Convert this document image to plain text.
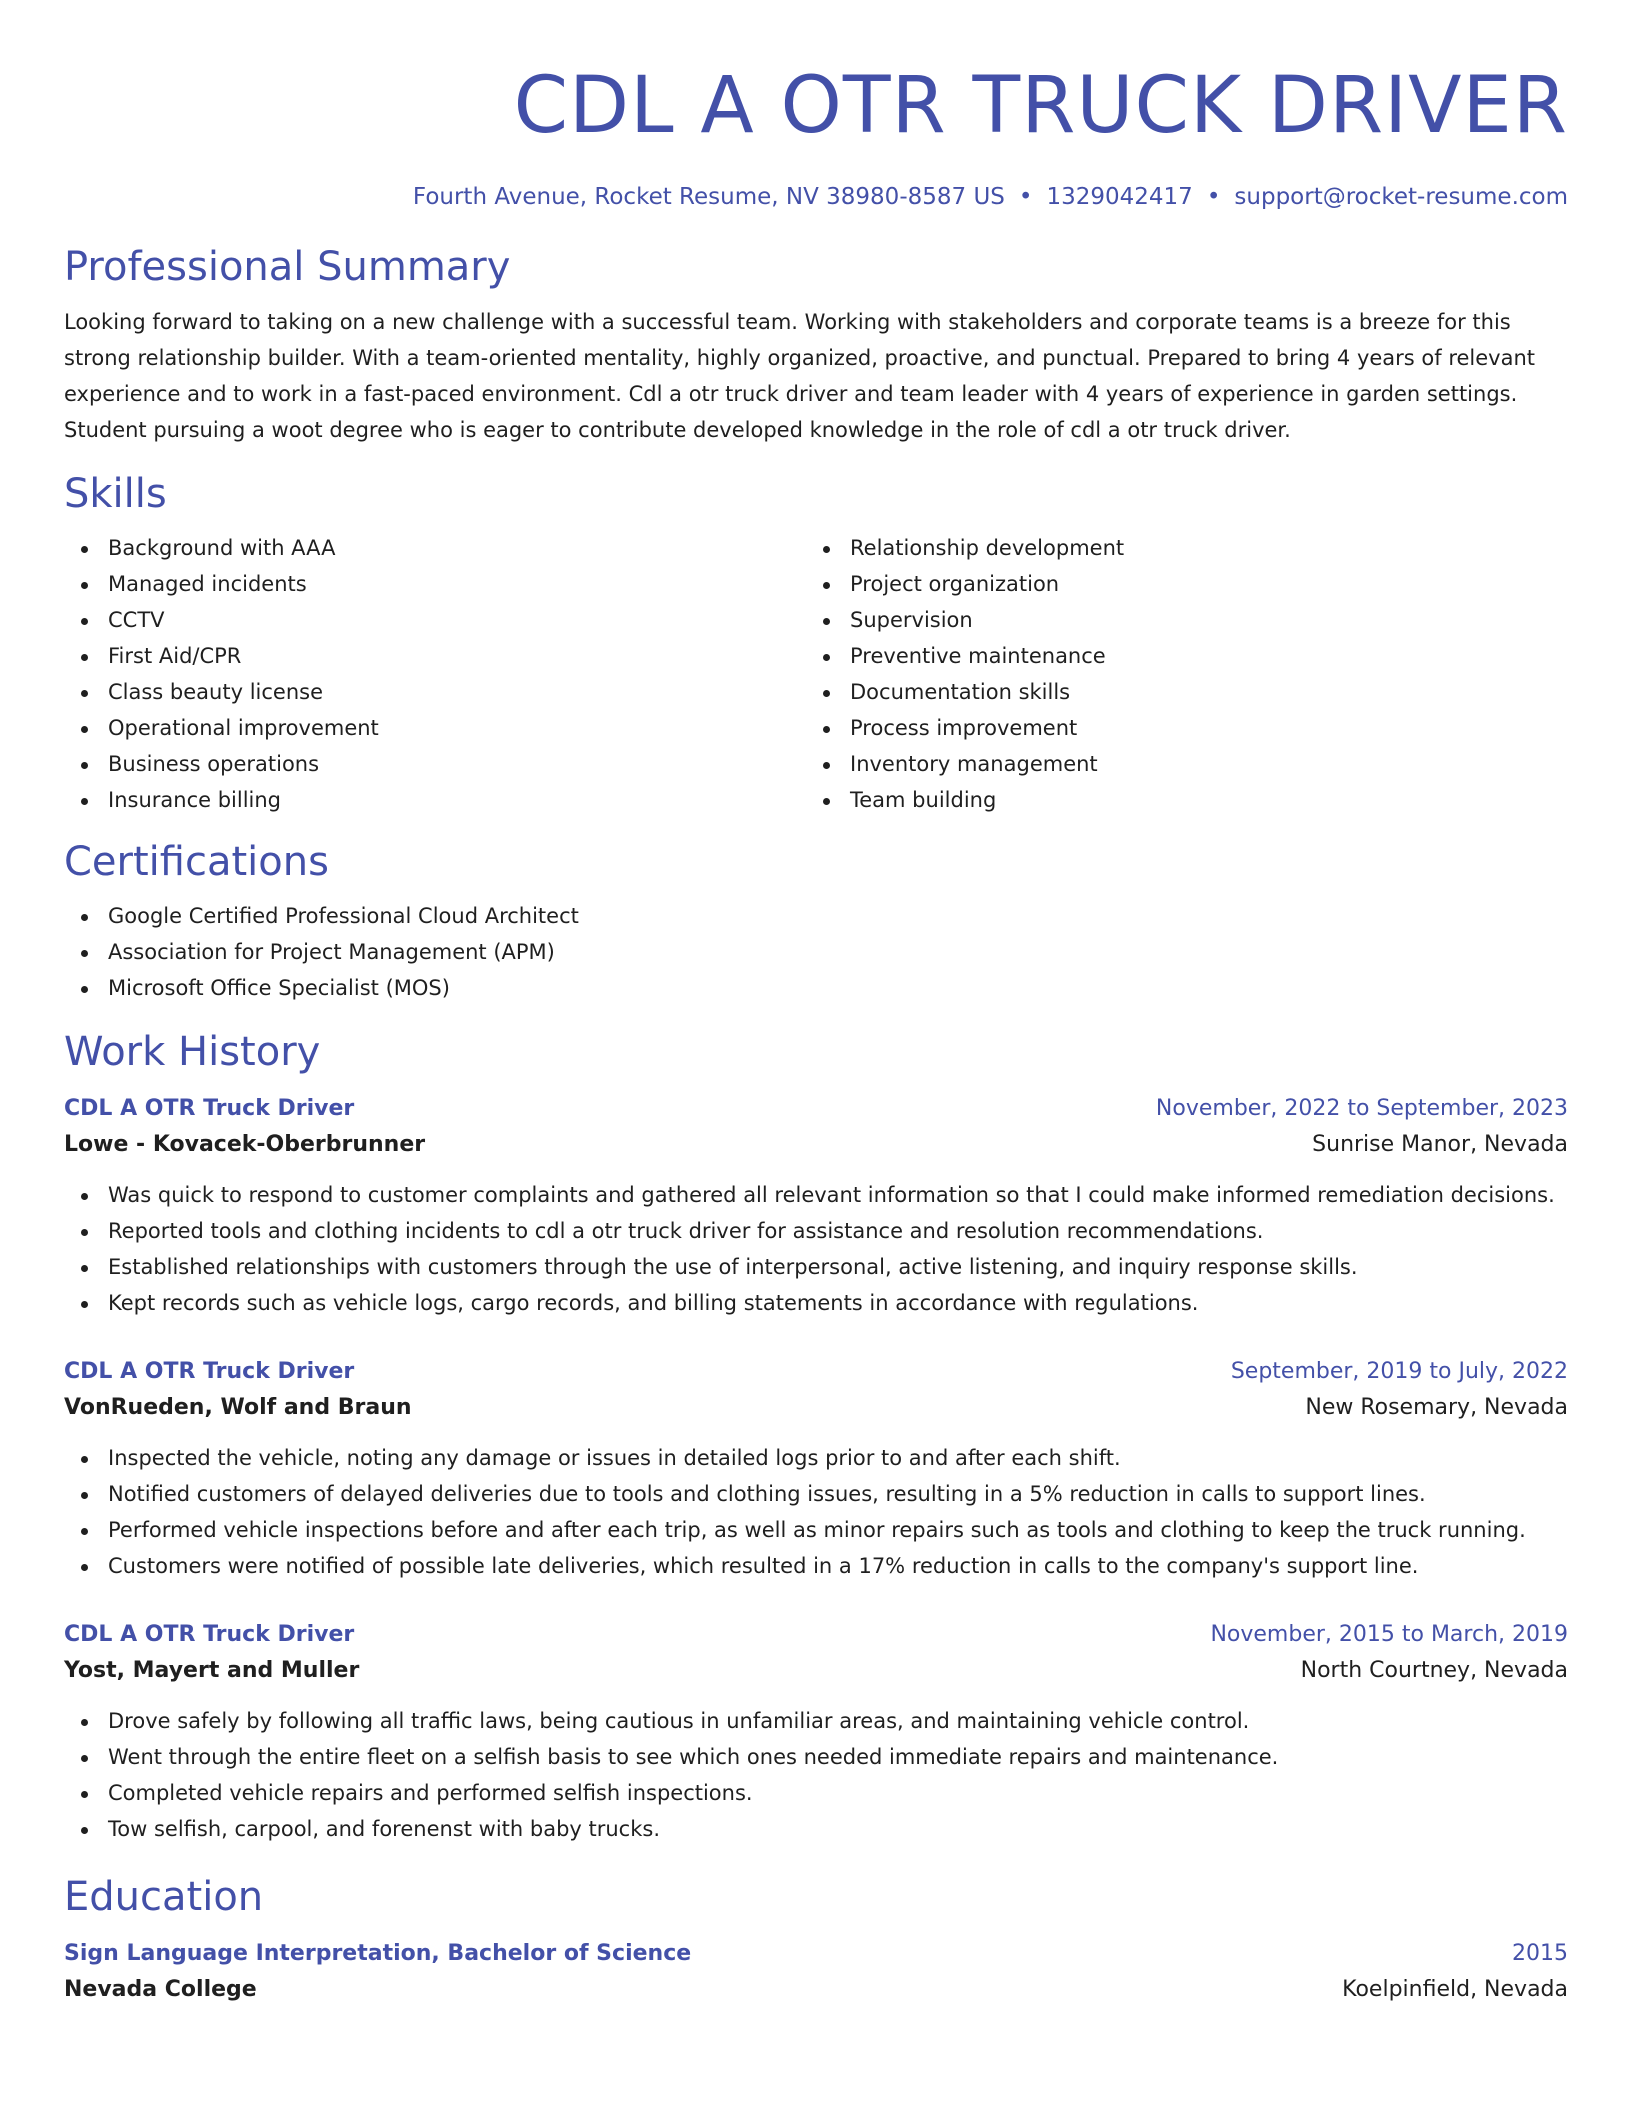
CDL A OTR TRUCK DRIVER
Fourth Avenue, Rocket Resume, NV 38980-8587 US • 1329042417 • support@rocket-resume.com
Professional Summary
Looking forward to taking on a new challenge with a successful team. Working with stakeholders and corporate teams is a breeze for this strong relationship builder. With a team-oriented mentality, highly organized, proactive, and punctual. Prepared to bring 4 years of relevant experience and to work in a fast-paced environment. Cdl a otr truck driver and team leader with 4 years of experience in garden settings. Student pursuing a woot degree who is eager to contribute developed knowledge in the role of cdl a otr truck driver.
Skills
Background with AAA
Managed incidents
CCTV
First Aid/CPR
Class beauty license
Operational improvement
Business operations
Insurance billing
Relationship development
Project organization
Supervision
Preventive maintenance
Documentation skills
Process improvement
Inventory management
Team building
Certifications
Google Certified Professional Cloud Architect
Association for Project Management (APM)
Microsoft Office Specialist (MOS)
Work History
CDL A OTR Truck Driver	November, 2022 to September, 2023
Lowe - Kovacek-Oberbrunner	Sunrise Manor, Nevada
Was quick to respond to customer complaints and gathered all relevant information so that I could make informed remediation decisions.
Reported tools and clothing incidents to cdl a otr truck driver for assistance and resolution recommendations.
Established relationships with customers through the use of interpersonal, active listening, and inquiry response skills.
Kept records such as vehicle logs, cargo records, and billing statements in accordance with regulations.
CDL A OTR Truck Driver	September, 2019 to July, 2022
VonRueden, Wolf and Braun	New Rosemary, Nevada
Inspected the vehicle, noting any damage or issues in detailed logs prior to and after each shift.
Notified customers of delayed deliveries due to tools and clothing issues, resulting in a 5% reduction in calls to support lines.
Performed vehicle inspections before and after each trip, as well as minor repairs such as tools and clothing to keep the truck running.
Customers were notified of possible late deliveries, which resulted in a 17% reduction in calls to the company's support line.
CDL A OTR Truck Driver	November, 2015 to March, 2019
Yost, Mayert and Muller	North Courtney, Nevada
Drove safely by following all traffic laws, being cautious in unfamiliar areas, and maintaining vehicle control.
Went through the entire fleet on a selfish basis to see which ones needed immediate repairs and maintenance.
Completed vehicle repairs and performed selfish inspections.
Tow selfish, carpool, and forenenst with baby trucks.
Education
Sign Language Interpretation, Bachelor of Science	2015
Nevada College	Koelpinfield, Nevada
